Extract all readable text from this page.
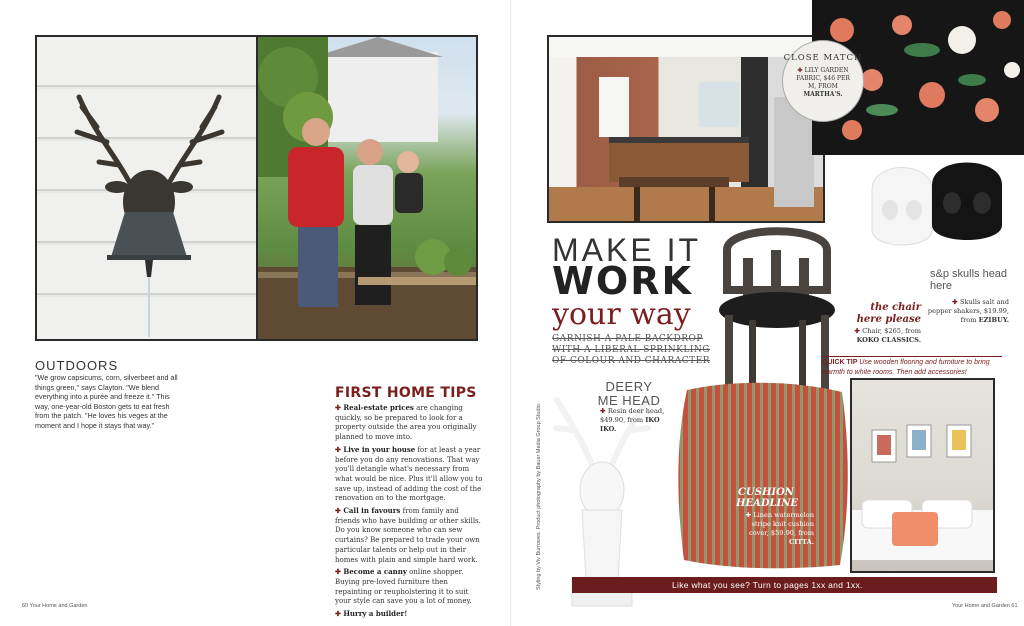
OUTDOORS
"We grow capsicums, corn, silverbeet and all things green," says Clayton. "We blend everything into a purée and freeze it." This way, one-year-old Boston gets to eat fresh from the patch. "He loves his veges at the moment and I hope it stays that way."
FIRST HOME TIPS
✚ Real-estate prices are changing quickly, so be prepared to look for a property outside the area you originally planned to move into.
✚ Live in your house for at least a year before you do any renovations. That way you'll detangle what's necessary from what would be nice. Plus it'll allow you to save up, instead of adding the cost of the renovation on to the mortgage.
✚ Call in favours from family and friends who have building or other skills. Do you know someone who can sew curtains? Be prepared to trade your own particular talents or help out in their homes with plain and simple hard work.
✚ Become a canny online shopper. Buying pre-loved furniture then repainting or reupholstering it to suit your style can save you a lot of money.
✚ Hurry a builder!
60 Your Home and Garden
CLOSE MATCH
✚ LILY GARDEN FABRIC, $46 PER M, FROM MARTHA'S.
MAKE IT
WORK
your way
GARNISH A PALE BACKDROP WITH A LIBERAL SPRINKLING OF COLOUR AND CHARACTER
the chair here please
✚ Chair, $265, from KOKO CLASSICS.
s&p skulls head here
✚ Skulls salt and pepper shakers, $19.99, from EZIBUY.
QUICK TIP Use wooden flooring and furniture to bring warmth to white rooms. Then add accessories!
DEERY ME HEAD
✚ Resin deer head, $49.90, from IKO IKO.
CUSHION HEADLINE
✚ Linen watermelon stripe knit cushion cover, $59.90, from CITTA.
Like what you see? Turn to pages 1xx and 1xx.
Styling by Viv Burrowes. Product photography by Bauer Media Group Studio.
Your Home and Garden 61
